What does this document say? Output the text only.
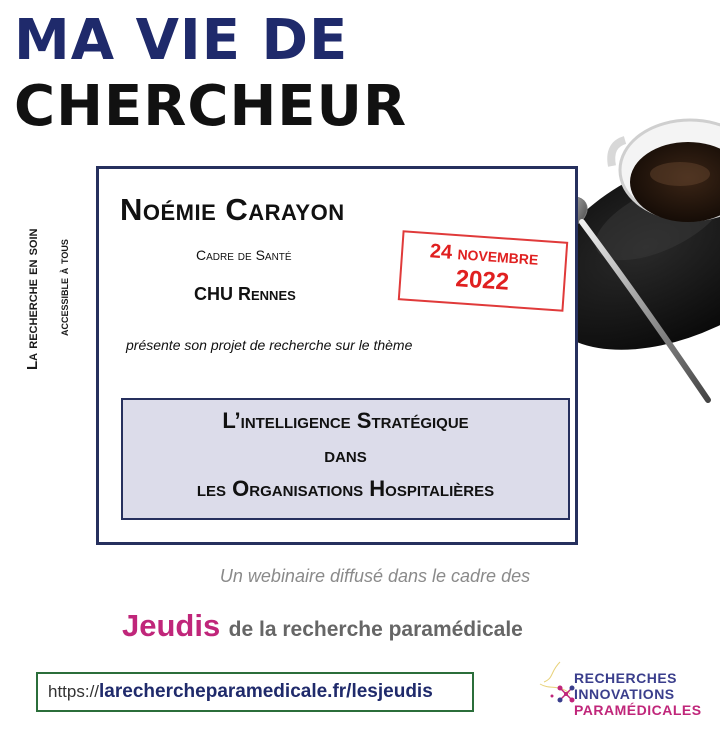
MA VIE DE
CHERCHEUR
La recherche en soin accessible à tous
Noémie Carayon
Cadre de Santé
CHU Rennes
présente son projet de recherche sur le thème
24 novembre
2022
L’intelligence Stratégique
dans
les Organisations Hospitalières
Un webinaire diffusé dans le cadre des
Jeudis de la recherche paramédicale
https:// larechercheparamedicale.fr/lesjeudis
RECHERCHES
INNOVATIONS
PARAMÉDICALES
